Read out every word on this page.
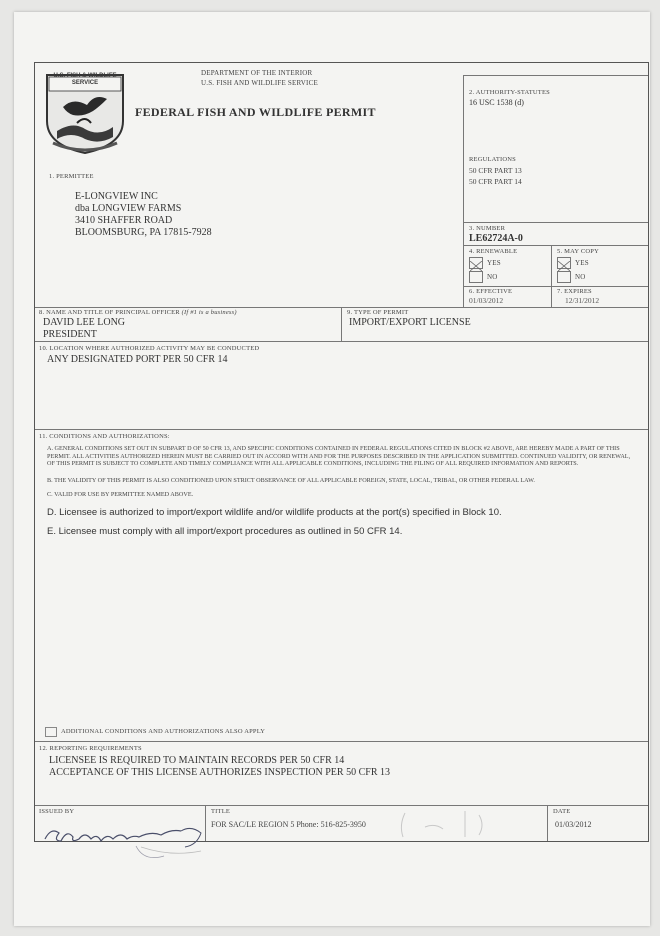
U.S. FISH & WILDLIFE SERVICE
DEPARTMENT OF THE INTERIOR
U.S. FISH AND WILDLIFE SERVICE
FEDERAL FISH AND WILDLIFE PERMIT
1. PERMITTEE
E-LONGVIEW INC
dba LONGVIEW FARMS
3410 SHAFFER ROAD
BLOOMSBURG, PA 17815-7928
2. AUTHORITY-STATUTES
16 USC 1538 (d)
REGULATIONS
50 CFR PART 13
50 CFR PART 14
3. NUMBER
LE62724A-0
4. RENEWABLE
YES
NO
5. MAY COPY
YES
NO
6. EFFECTIVE
01/03/2012
7. EXPIRES
12/31/2012
8. NAME AND TITLE OF PRINCIPAL OFFICER (If #1 is a business)
DAVID LEE LONG
PRESIDENT
9. TYPE OF PERMIT
IMPORT/EXPORT LICENSE
10. LOCATION WHERE AUTHORIZED ACTIVITY MAY BE CONDUCTED
ANY DESIGNATED PORT PER 50 CFR 14
11. CONDITIONS AND AUTHORIZATIONS:
A. GENERAL CONDITIONS SET OUT IN SUBPART D OF 50 CFR 13, AND SPECIFIC CONDITIONS CONTAINED IN FEDERAL REGULATIONS CITED IN BLOCK #2 ABOVE, ARE HEREBY MADE A PART OF THIS PERMIT. ALL ACTIVITIES AUTHORIZED HEREIN MUST BE CARRIED OUT IN ACCORD WITH AND FOR THE PURPOSES DESCRIBED IN THE APPLICATION SUBMITTED. CONTINUED VALIDITY, OR RENEWAL, OF THIS PERMIT IS SUBJECT TO COMPLETE AND TIMELY COMPLIANCE WITH ALL APPLICABLE CONDITIONS, INCLUDING THE FILING OF ALL REQUIRED INFORMATION AND REPORTS.
B. THE VALIDITY OF THIS PERMIT IS ALSO CONDITIONED UPON STRICT OBSERVANCE OF ALL APPLICABLE FOREIGN, STATE, LOCAL, TRIBAL, OR OTHER FEDERAL LAW.
C. VALID FOR USE BY PERMITTEE NAMED ABOVE.
D. Licensee is authorized to import/export wildlife and/or wildlife products at the port(s) specified in Block 10.
E. Licensee must comply with all import/export procedures as outlined in 50 CFR 14.
ADDITIONAL CONDITIONS AND AUTHORIZATIONS ALSO APPLY
12. REPORTING REQUIREMENTS
LICENSEE IS REQUIRED TO MAINTAIN RECORDS PER 50 CFR 14
ACCEPTANCE OF THIS LICENSE AUTHORIZES INSPECTION PER 50 CFR 13
ISSUED BY	TITLE
FOR SAC/LE REGION 5 Phone: 516-825-3950
DATE
01/03/2012
